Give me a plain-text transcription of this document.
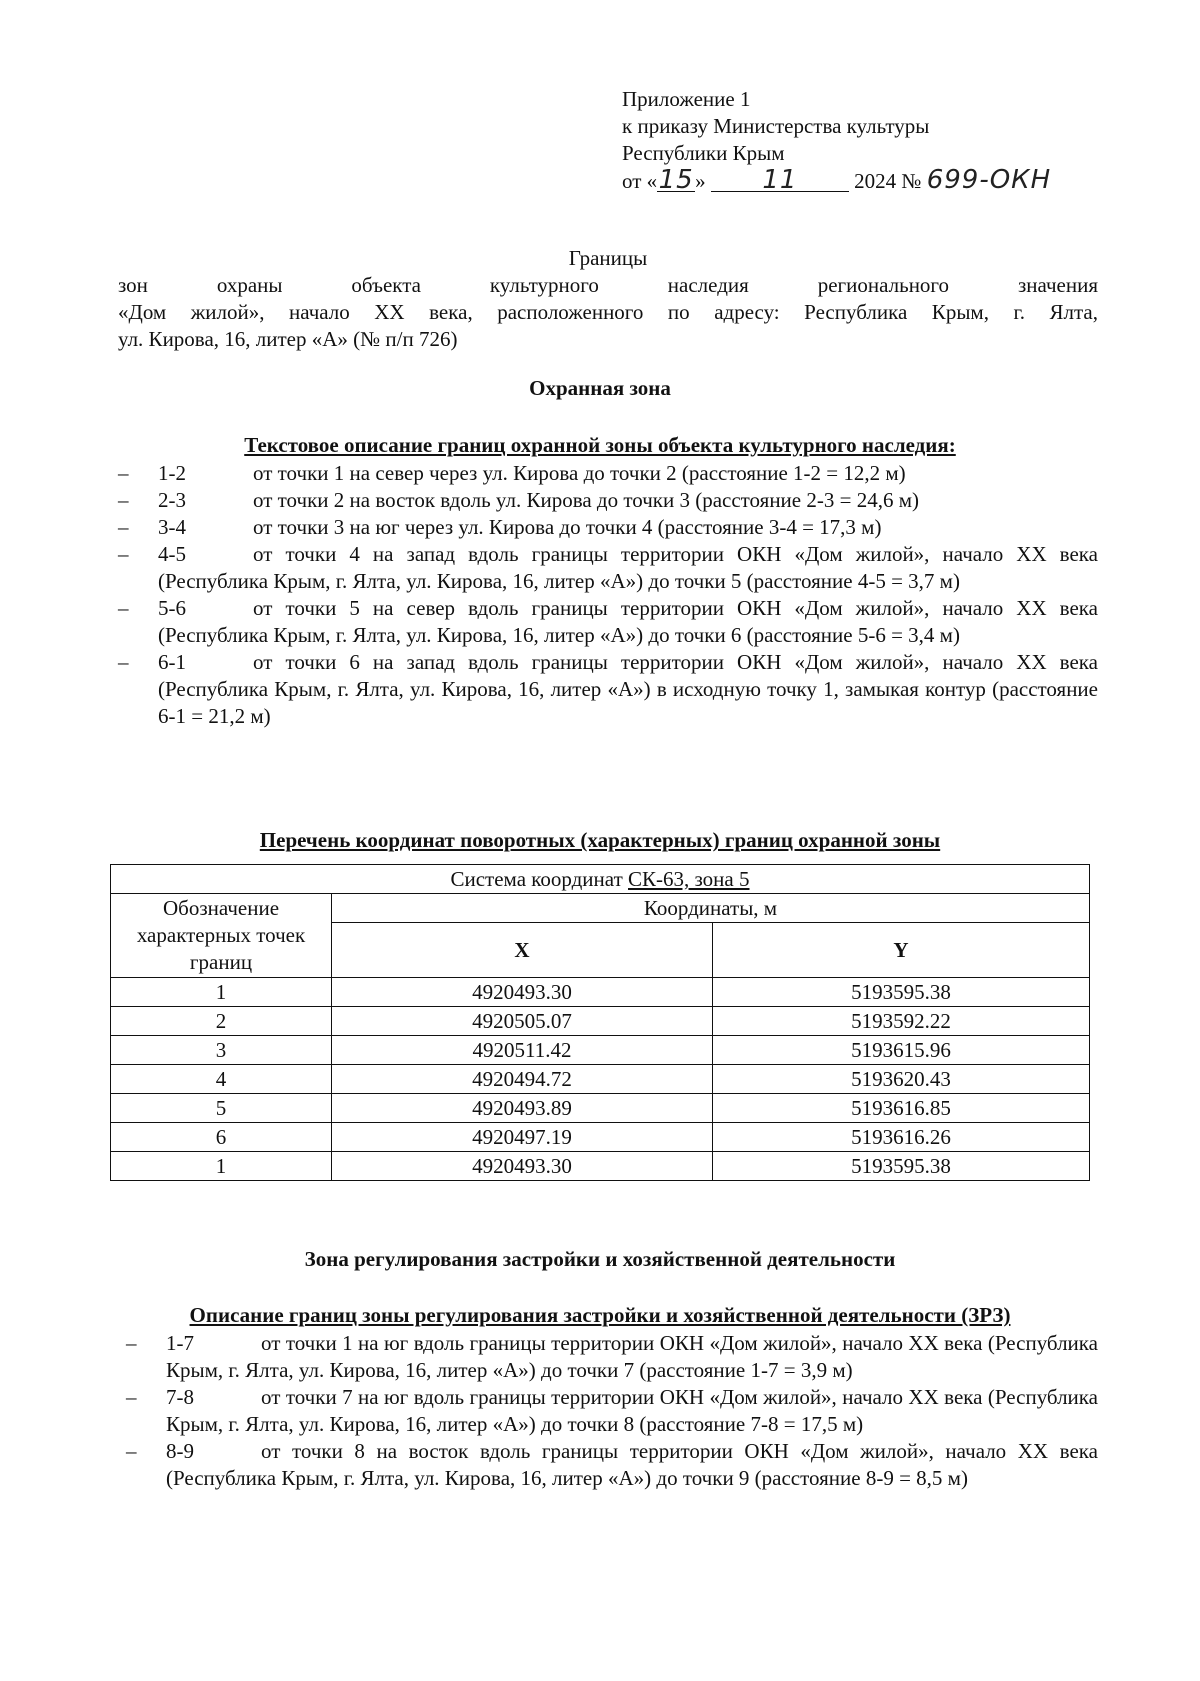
Приложение 1
к приказу Министерства культуры
Республики Крым
от «15» 11	2024 № 699-ОКН
Границы
зон охраны объекта культурного наследия регионального значения
«Дом жилой», начало XX века, расположенного по адресу: Республика Крым, г. Ялта,
ул. Кирова, 16, литер «А» (№ п/п 726)
Охранная зона
Текстовое описание границ охранной зоны объекта культурного наследия:
– 1-2	от точки 1 на север через ул. Кирова до точки 2 (расстояние 1-2 = 12,2 м)
– 2-3	от точки 2 на восток вдоль ул. Кирова до точки 3 (расстояние 2-3 = 24,6 м)
– 3-4	от точки 3 на юг через ул. Кирова до точки 4 (расстояние 3-4 = 17,3 м)
– 4-5	от точки 4 на запад вдоль границы территории ОКН «Дом жилой», начало XX века (Республика Крым, г. Ялта, ул. Кирова, 16, литер «А») до точки 5 (расстояние 4-5 = 3,7 м)
– 5-6	от точки 5 на север вдоль границы территории ОКН «Дом жилой», начало XX века (Республика Крым, г. Ялта, ул. Кирова, 16, литер «А») до точки 6 (расстояние 5-6 = 3,4 м)
– 6-1	от точки 6 на запад вдоль границы территории ОКН «Дом жилой», начало XX века (Республика Крым, г. Ялта, ул. Кирова, 16, литер «А») в исходную точку 1, замыкая контур (расстояние 6-1 = 21,2 м)
Перечень координат поворотных (характерных) границ охранной зоны
Система координат СК-63, зона 5		
Обозначение характерных точек границ	Координаты, м	
	X	Y
1	4920493.30	5193595.38
2	4920505.07	5193592.22
3	4920511.42	5193615.96
4	4920494.72	5193620.43
5	4920493.89	5193616.85
6	4920497.19	5193616.26
1	4920493.30	5193595.38
Зона регулирования застройки и хозяйственной деятельности
Описание границ зоны регулирования застройки и хозяйственной деятельности (ЗРЗ)
– 1-7	от точки 1 на юг вдоль границы территории ОКН «Дом жилой», начало XX века (Республика Крым, г. Ялта, ул. Кирова, 16, литер «А») до точки 7 (расстояние 1-7 = 3,9 м)
– 7-8	от точки 7 на юг вдоль границы территории ОКН «Дом жилой», начало XX века (Республика Крым, г. Ялта, ул. Кирова, 16, литер «А») до точки 8 (расстояние 7-8 = 17,5 м)
– 8-9	от точки 8 на восток вдоль границы территории ОКН «Дом жилой», начало XX века (Республика Крым, г. Ялта, ул. Кирова, 16, литер «А») до точки 9 (расстояние 8-9 = 8,5 м)
